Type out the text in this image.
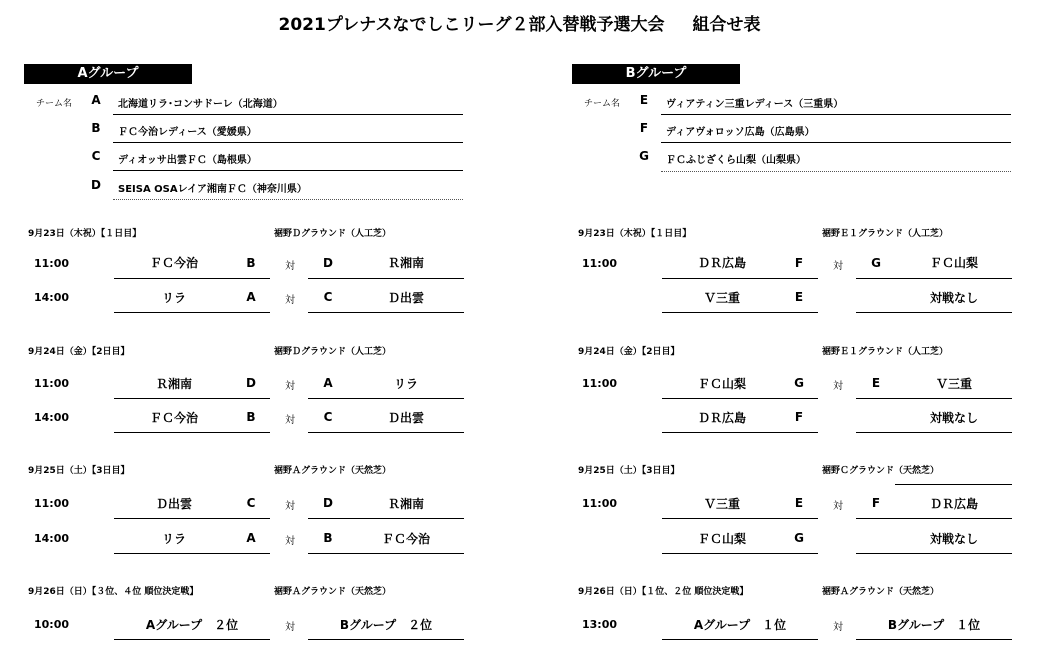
2021プレナスなでしこリーグ２部入替戦予選大会 組合せ表
Aグループ
チーム名	A	北海道リラ･コンサドーレ（北海道）
B	ＦＣ今治レディース（愛媛県）
C	ディオッサ出雲ＦＣ（島根県）
D	SEISA OSAレイア湘南ＦＣ（神奈川県）
Bグループ
チーム名	E	ヴィアティン三重レディース（三重県）
F	ディアヴォロッソ広島（広島県）
G	ＦＣふじざくら山梨（山梨県）
9月23日（木祝）【１日目】	裾野Ｄグラウンド（人工芝）
11:00	ＦＣ今治	B	対	D	Ｒ湘南
14:00	リラ	A	対	C	Ｄ出雲
9月23日（木祝）【１日目】	裾野Ｅ１グラウンド（人工芝）
11:00	ＤＲ広島	F	対	G	ＦＣ山梨
Ｖ三重	E	対戦なし
9月24日（金）【2日目】	裾野Ｄグラウンド（人工芝）
11:00	Ｒ湘南	D	対	A	リラ
14:00	ＦＣ今治	B	対	C	Ｄ出雲
9月24日（金）【2日目】	裾野Ｅ１グラウンド（人工芝）
11:00	ＦＣ山梨	G	対	E	Ｖ三重
ＤＲ広島	F	対戦なし
9月25日（土）【3日目】	裾野Ａグラウンド（天然芝）
11:00	Ｄ出雲	C	対	D	Ｒ湘南
14:00	リラ	A	対	B	ＦＣ今治
9月25日（土）【3日目】	裾野Ｃグラウンド（天然芝）
11:00	Ｖ三重	E	対	F	ＤＲ広島
ＦＣ山梨	G	対戦なし
9月26日（日）【３位、４位 順位決定戦】	裾野Ａグラウンド（天然芝）
10:00	Aグループ　２位	対	Bグループ　２位
9月26日（日）【１位、２位 順位決定戦】	裾野Ａグラウンド（天然芝）
13:00	Aグループ　１位	対	Bグループ　１位
